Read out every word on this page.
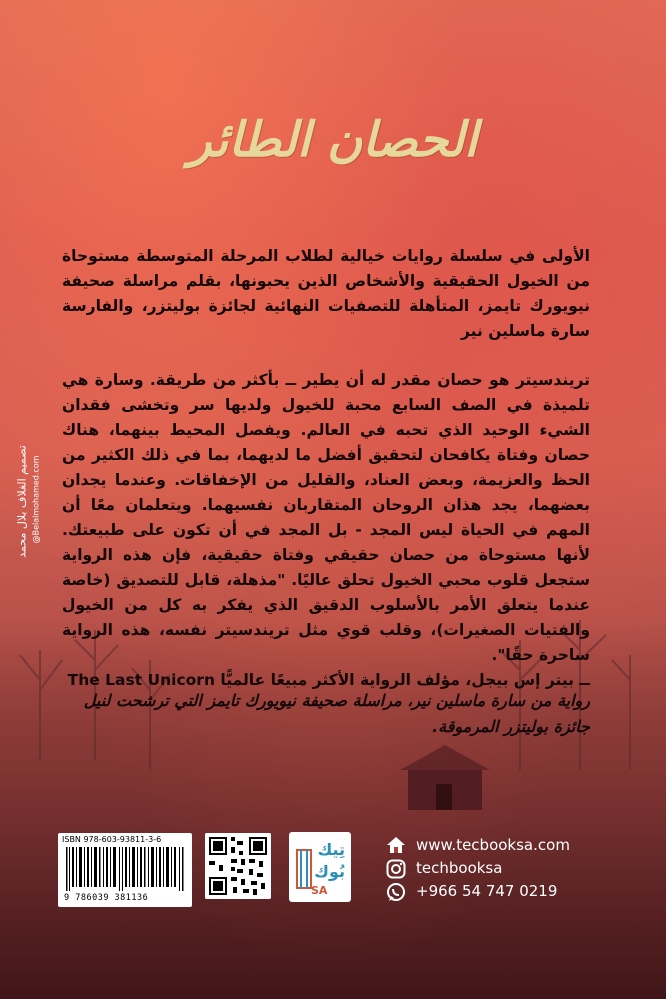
الحصان الطائر
الأولى في سلسلة روايات خيالية لطلاب المرحلة المتوسطة مستوحاة من الخيول الحقيقية والأشخاص الذين يحبونها، بقلم مراسلة صحيفة نيويورك تايمز، المتأهلة للتصفيات النهائية لجائزة بوليتزر، والفارسة سارة ماسلين نير
تريندسيتر هو حصان مقدر له أن يطير ــ بأكثر من طريقة. وسارة هي تلميذة في الصف السابع محبة للخيول ولديها سر وتخشى فقدان الشيء الوحيد الذي تحبه في العالم. ويفصل المحيط بينهما، هناك حصان وفتاة يكافحان لتحقيق أفضل ما لديهما، بما في ذلك الكثير من الحظ والعزيمة، وبعض العناد، والقليل من الإخفاقات. وعندما يجدان بعضهما، يجد هذان الروحان المتقاربان نفسيهما. ويتعلمان معًا أن المهم في الحياة ليس المجد - بل المجد في أن تكون على طبيعتك. لأنها مستوحاة من حصان حقيقي وفتاة حقيقية، فإن هذه الرواية ستجعل قلوب محبي الخيول تحلق عاليًا. "مذهلة، قابل للتصديق (خاصة عندما يتعلق الأمر بالأسلوب الدقيق الذي يفكر به كل من الخيول والفتيات الصغيرات)، وقلب قوي مثل تريندسيتر نفسه، هذه الرواية ساحرة حقًا".
ــ بيتر إس بيجل، مؤلف الرواية الأكثر مبيعًا عالميًّا The Last Unicorn
رواية من سارة ماسلين نير، مراسلة صحيفة نيويورك تايمز التي ترشحت لنيل جائزة بوليتزر المرموقة.
تصميم الغلاف بلال محمد @Belalmohamed.com
ISBN 978-603-93811-3-6
9 786039 381136
تِيك
بُوك
SA
www.tecbooksa.com
techbooksa
+966 54 747 0219
